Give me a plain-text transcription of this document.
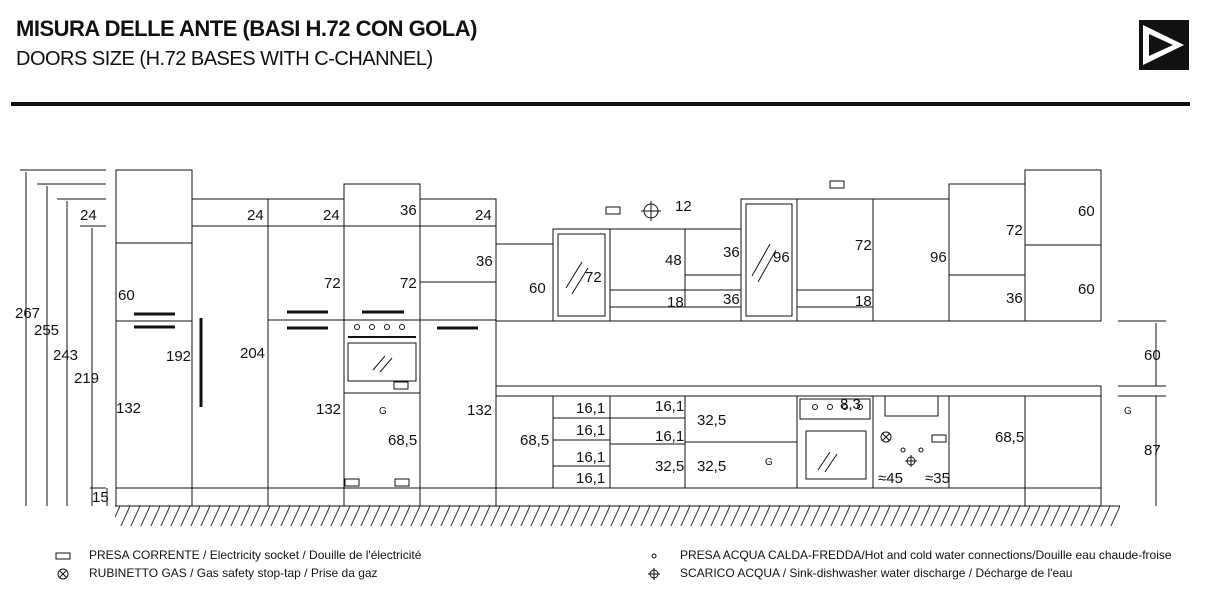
MISURA DELLE ANTE (BASI H.72 CON GOLA)
DOORS SIZE (H.72 BASES WITH C-CHANNEL)
267
255
243
219
15
24
60
132
192
24
204
24
72
132
36
72
68,5
24
36
132
60
72
12
48
18
36
36
96
72
18
96
72
36
60
60
68,5
16,1
16,1
16,1
16,1
16,1
16,1
32,5
32,5
32,5
8,3
≈45 ≈35
68,5
60
87
G
G
G
PRESA CORRENTE / Electricity socket / Douille de l'électricité
RUBINETTO GAS / Gas safety stop-tap / Prise da gaz
PRESA ACQUA CALDA-FREDDA/Hot and cold water connections/Douille eau chaude-froise
SCARICO ACQUA / Sink-dishwasher water discharge / Décharge de l'eau
